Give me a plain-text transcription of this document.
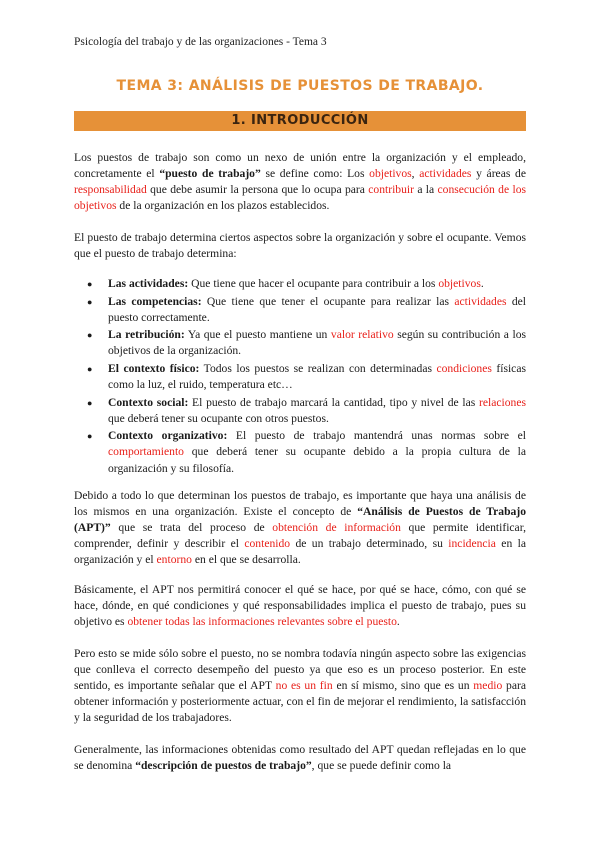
Psicología del trabajo y de las organizaciones - Tema 3
TEMA 3: ANÁLISIS DE PUESTOS DE TRABAJO.
1. INTRODUCCIÓN

Los puestos de trabajo son como un nexo de unión entre la organización y el empleado, concretamente el “puesto de trabajo” se define como: Los objetivos, actividades y áreas de responsabilidad que debe asumir la persona que lo ocupa para contribuir a la consecución de los objetivos de la organización en los plazos establecidos.

El puesto de trabajo determina ciertos aspectos sobre la organización y sobre el ocupante. Vemos que el puesto de trabajo determina:

● Las actividades: Que tiene que hacer el ocupante para contribuir a los objetivos.
● Las competencias: Que tiene que tener el ocupante para realizar las actividades del puesto correctamente.
● La retribución: Ya que el puesto mantiene un valor relativo según su contribución a los objetivos de la organización.
● El contexto físico: Todos los puestos se realizan con determinadas condiciones físicas como la luz, el ruido, temperatura etc…
● Contexto social: El puesto de trabajo marcará la cantidad, tipo y nivel de las relaciones que deberá tener su ocupante con otros puestos.
● Contexto organizativo: El puesto de trabajo mantendrá unas normas sobre el comportamiento que deberá tener su ocupante debido a la propia cultura de la organización y su filosofía.

Debido a todo lo que determinan los puestos de trabajo, es importante que haya una análisis de los mismos en una organización. Existe el concepto de “Análisis de Puestos de Trabajo (APT)” que se trata del proceso de obtención de información que permite identificar, comprender, definir y describir el contenido de un trabajo determinado, su incidencia en la organización y el entorno en el que se desarrolla.

Básicamente, el APT nos permitirá conocer el qué se hace, por qué se hace, cómo, con qué se hace, dónde, en qué condiciones y qué responsabilidades implica el puesto de trabajo, pues su objetivo es obtener todas las informaciones relevantes sobre el puesto.

Pero esto se mide sólo sobre el puesto, no se nombra todavía ningún aspecto sobre las exigencias que conlleva el correcto desempeño del puesto ya que eso es un proceso posterior. En este sentido, es importante señalar que el APT no es un fin en sí mismo, sino que es un medio para obtener información y posteriormente actuar, con el fin de mejorar el rendimiento, la satisfacción y la seguridad de los trabajadores.

Generalmente, las informaciones obtenidas como resultado del APT quedan reflejadas en lo que se denomina “descripción de puestos de trabajo”, que se puede definir como la
